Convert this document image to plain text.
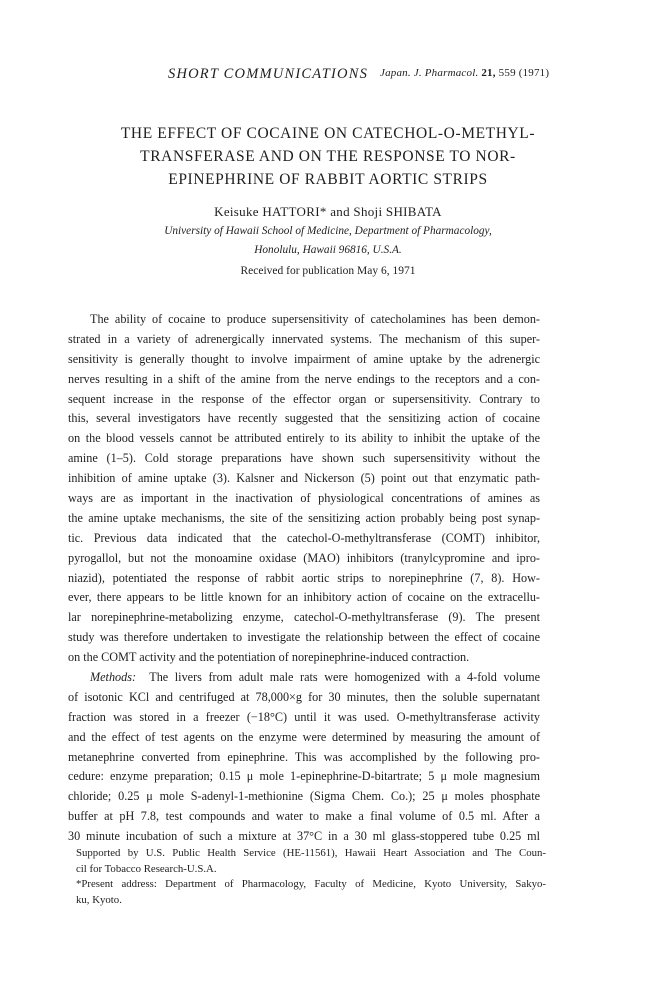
SHORT COMMUNICATIONS Japan. J. Pharmacol. 21, 559 (1971)
THE EFFECT OF COCAINE ON CATECHOL-O-METHYL-
TRANSFERASE AND ON THE RESPONSE TO NOR-
EPINEPHRINE OF RABBIT AORTIC STRIPS
Keisuke HATTORI* and Shoji SHIBATA
University of Hawaii School of Medicine, Department of Pharmacology,
Honolulu, Hawaii 96816, U.S.A.
Received for publication May 6, 1971
The ability of cocaine to produce supersensitivity of catecholamines has been demon-
strated in a variety of adrenergically innervated systems. The mechanism of this super-
sensitivity is generally thought to involve impairment of amine uptake by the adrenergic
nerves resulting in a shift of the amine from the nerve endings to the receptors and a con-
sequent increase in the response of the effector organ or supersensitivity. Contrary to
this, several investigators have recently suggested that the sensitizing action of cocaine
on the blood vessels cannot be attributed entirely to its ability to inhibit the uptake of the
amine (1–5). Cold storage preparations have shown such supersensitivity without the
inhibition of amine uptake (3). Kalsner and Nickerson (5) point out that enzymatic path-
ways are as important in the inactivation of physiological concentrations of amines as
the amine uptake mechanisms, the site of the sensitizing action probably being post synap-
tic. Previous data indicated that the catechol-O-methyltransferase (COMT) inhibitor,
pyrogallol, but not the monoamine oxidase (MAO) inhibitors (tranylcypromine and ipro-
niazid), potentiated the response of rabbit aortic strips to norepinephrine (7, 8). How-
ever, there appears to be little known for an inhibitory action of cocaine on the extracellu-
lar norepinephrine-metabolizing enzyme, catechol-O-methyltransferase (9). The present
study was therefore undertaken to investigate the relationship between the effect of cocaine
on the COMT activity and the potentiation of norepinephrine-induced contraction.
Methods: The livers from adult male rats were homogenized with a 4-fold volume
of isotonic KCl and centrifuged at 78,000×g for 30 minutes, then the soluble supernatant
fraction was stored in a freezer (−18°C) until it was used. O-methyltransferase activity
and the effect of test agents on the enzyme were determined by measuring the amount of
metanephrine converted from epinephrine. This was accomplished by the following pro-
cedure: enzyme preparation; 0.15 μ mole 1-epinephrine-D-bitartrate; 5 μ mole magnesium
chloride; 0.25 μ mole S-adenyl-1-methionine (Sigma Chem. Co.); 25 μ moles phosphate
buffer at pH 7.8, test compounds and water to make a final volume of 0.5 ml. After a
30 minute incubation of such a mixture at 37°C in a 30 ml glass-stoppered tube 0.25 ml
Supported by U.S. Public Health Service (HE-11561), Hawaii Heart Association and The Coun-
cil for Tobacco Research-U.S.A.
*Present address: Department of Pharmacology, Faculty of Medicine, Kyoto University, Sakyo-
ku, Kyoto.
